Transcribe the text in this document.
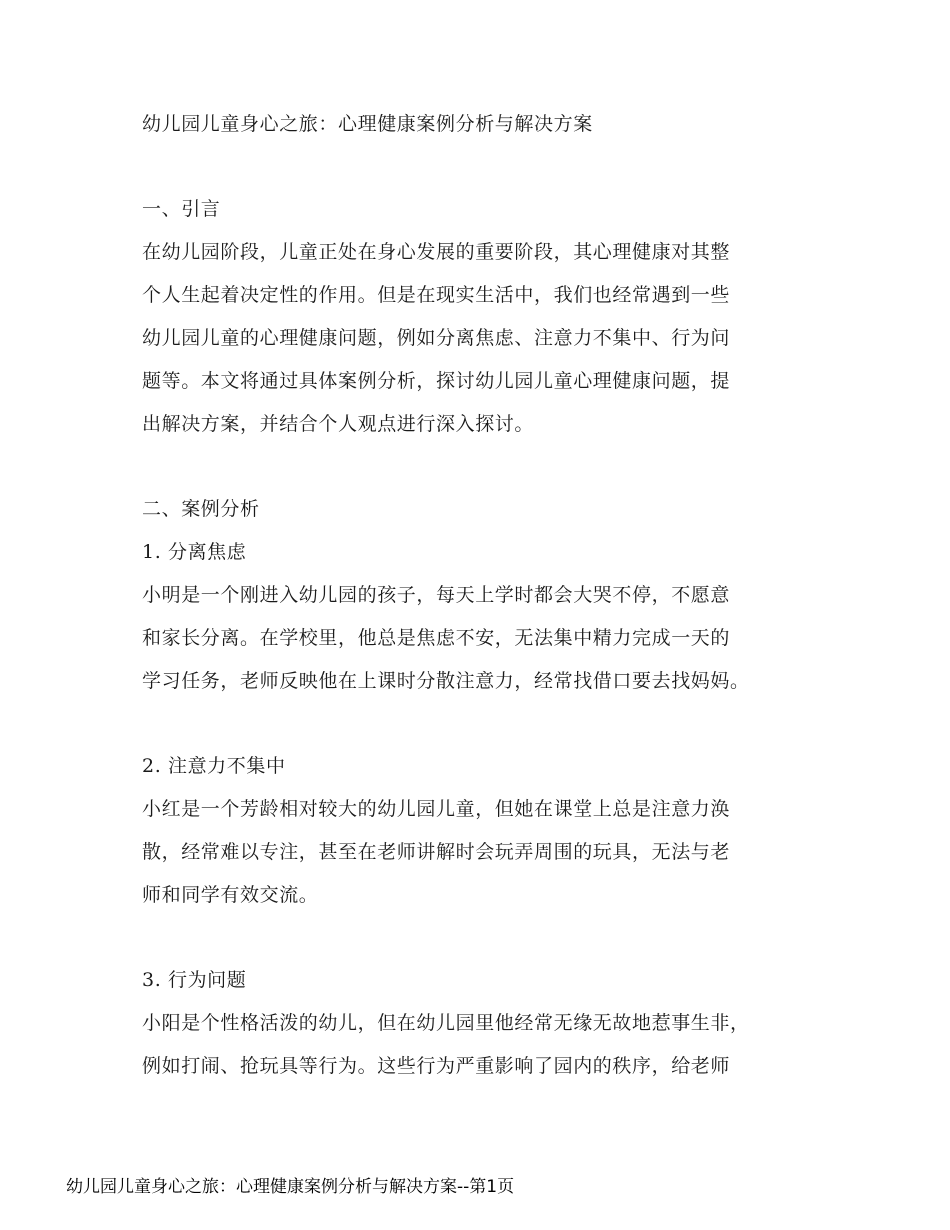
幼儿园儿童身心之旅：心理健康案例分析与解决方案
一、引言
在幼儿园阶段，儿童正处在身心发展的重要阶段，其心理健康对其整
个人生起着决定性的作用。但是在现实生活中，我们也经常遇到一些
幼儿园儿童的心理健康问题，例如分离焦虑、注意力不集中、行为问
题等。本文将通过具体案例分析，探讨幼儿园儿童心理健康问题，提
出解决方案，并结合个人观点进行深入探讨。
二、案例分析
1. 分离焦虑
小明是一个刚进入幼儿园的孩子，每天上学时都会大哭不停，不愿意
和家长分离。在学校里，他总是焦虑不安，无法集中精力完成一天的
学习任务，老师反映他在上课时分散注意力，经常找借口要去找妈妈。
2. 注意力不集中
小红是一个芳龄相对较大的幼儿园儿童，但她在课堂上总是注意力涣
散，经常难以专注，甚至在老师讲解时会玩弄周围的玩具，无法与老
师和同学有效交流。
3. 行为问题
小阳是个性格活泼的幼儿，但在幼儿园里他经常无缘无故地惹事生非，
例如打闹、抢玩具等行为。这些行为严重影响了园内的秩序，给老师
幼儿园儿童身心之旅：心理健康案例分析与解决方案--第1页
